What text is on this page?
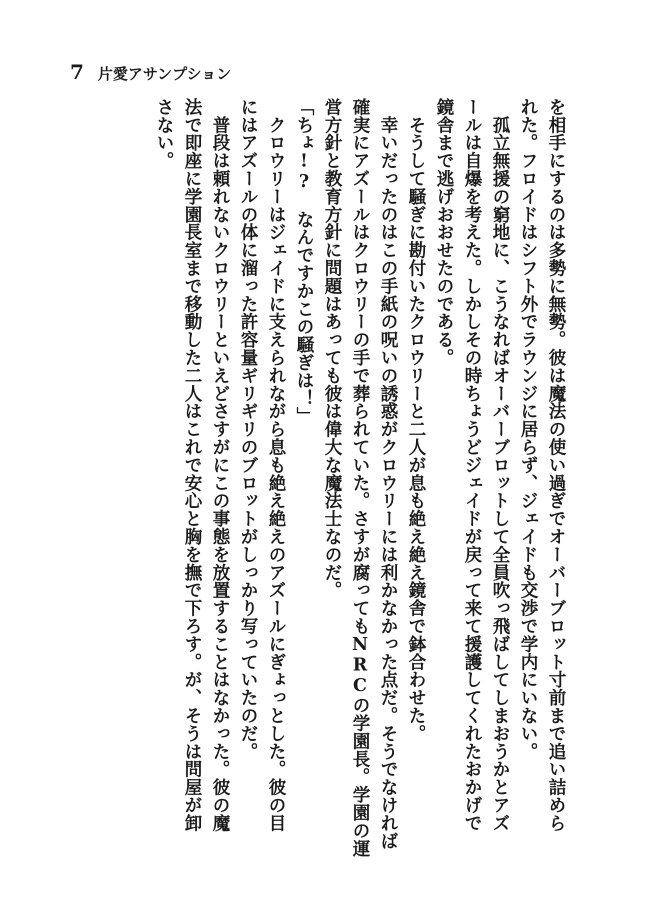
7 片愛アサンプション
を相手にするのは多勢に無勢。彼は魔法の使い過ぎでオーバーブロット寸前まで追い詰めら
れた。フロイドはシフト外でラウンジに居らず、ジェイドも交渉で学内にいない。
　孤立無援の窮地に、こうなればオーバーブロットして全員吹っ飛ばしてしまおうかとアズ
ールは自爆を考えた。しかしその時ちょうどジェイドが戻って来て援護してくれたおかげで
鏡舎まで逃げおおせたのである。
　そうして騒ぎに勘付いたクロウリーと二人が息も絶え絶え鏡舎で鉢合わせた。
　幸いだったのはこの手紙の呪いの誘惑がクロウリーには利かなかった点だ。そうでなければ
確実にアズールはクロウリーの手で葬られていた。さすが腐ってもNRCの学園長。学園の運
営方針と教育方針に問題はあっても彼は偉大な魔法士なのだ。
「ちょ!?　なんですかこの騒ぎは！」
　クロウリーはジェイドに支えられながら息も絶え絶えのアズールにぎょっとした。彼の目
にはアズールの体に溜った許容量ギリギリのブロットがしっかり写っていたのだ。
　普段は頼れないクロウリーといえどさすがにこの事態を放置することはなかった。彼の魔
法で即座に学園長室まで移動した二人はこれで安心と胸を撫で下ろす。が、そうは問屋が卸
さない。
